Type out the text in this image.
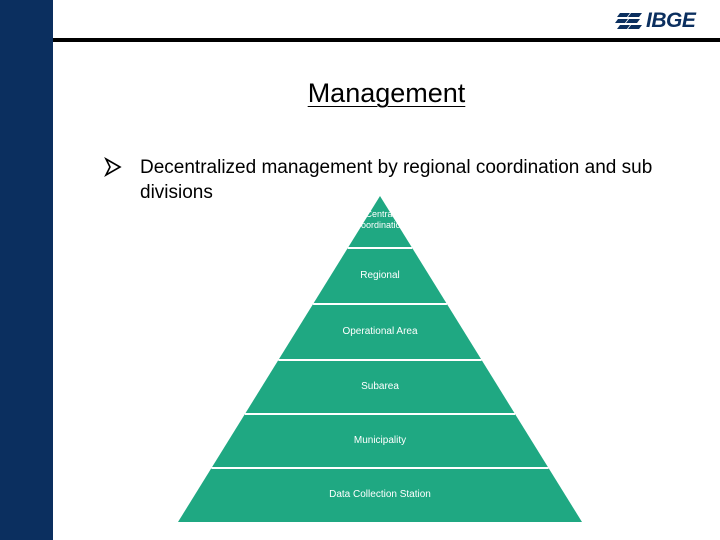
IBGE
Management
Decentralized management by regional coordination and sub divisions
Central
Coordination
Regional
Operational Area
Subarea
Municipality
Data Collection Station
